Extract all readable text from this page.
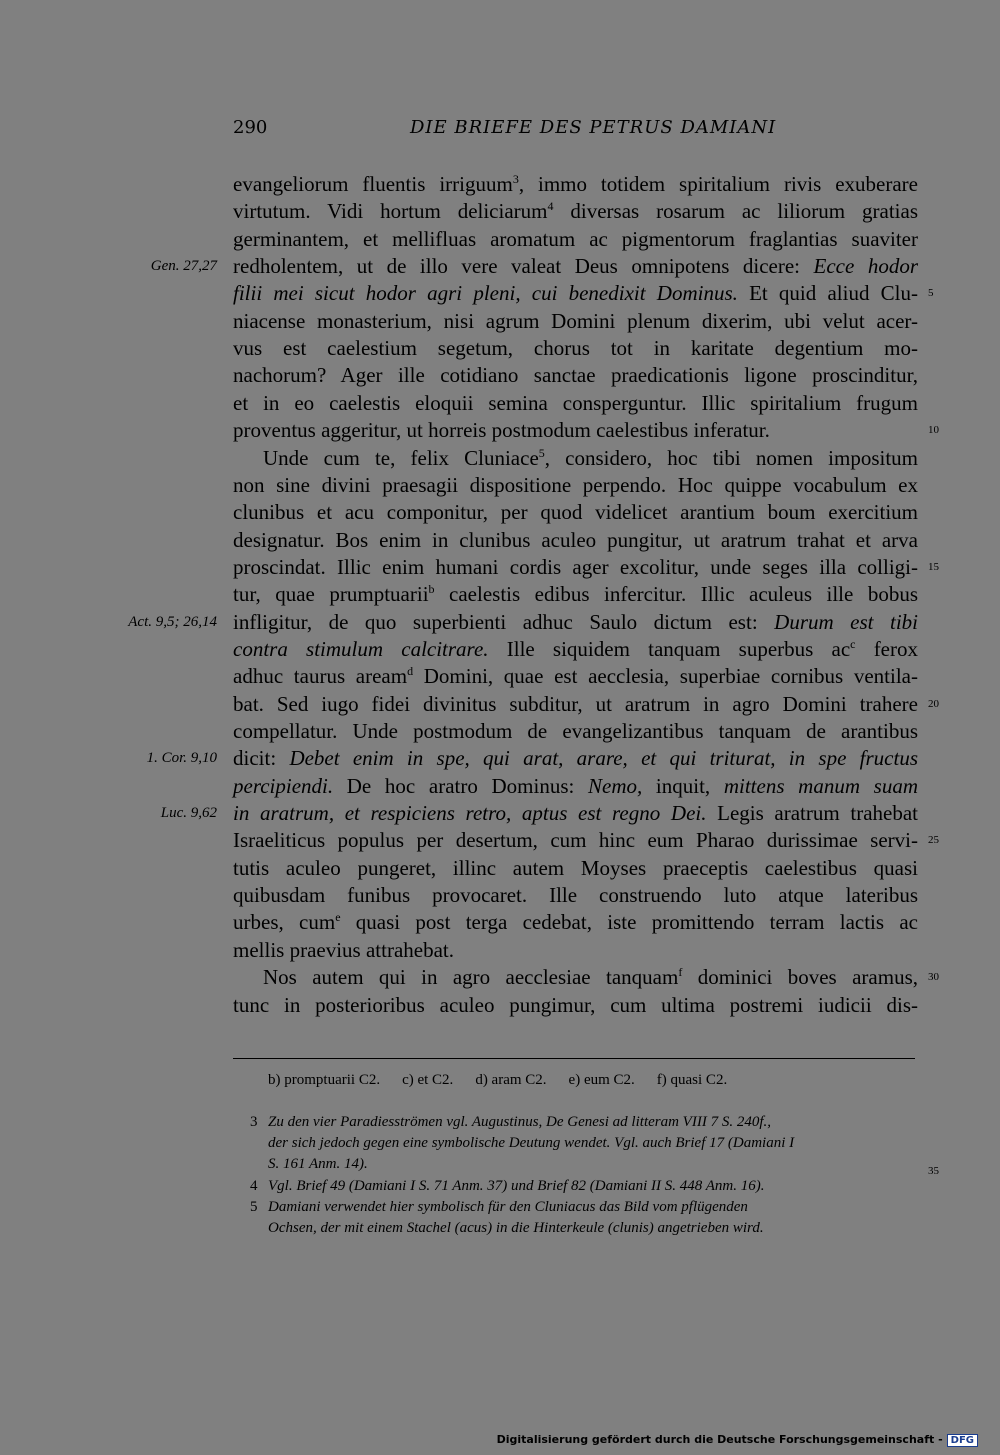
290	DIE BRIEFE DES PETRUS DAMIANI
evangeliorum fluentis irriguum$^3$, immo totidem spiritalium rivis exuberare
virtutum. Vidi hortum deliciarum$^4$ diversas rosarum ac liliorum gratias
germinantem, et mellifluas aromatum ac pigmentorum fraglantias suaviter
redholentem, ut de illo vere valeat Deus omnipotens dicere: Ecce hodor
filii mei sicut hodor agri pleni, cui benedixit Dominus. Et quid aliud Clu-
niacense monasterium, nisi agrum Domini plenum dixerim, ubi velut acer-
vus est caelestium segetum, chorus tot in karitate degentium mo-
nachorum? Ager ille cotidiano sanctae praedicationis ligone proscinditur,
et in eo caelestis eloquii semina consperguntur. Illic spiritalium frugum
proventus aggeritur, ut horreis postmodum caelestibus inferatur.
Unde cum te, felix Cluniace$^5$, considero, hoc tibi nomen impositum
non sine divini praesagii dispositione perpendo. Hoc quippe vocabulum ex
clunibus et acu componitur, per quod videlicet arantium boum exercitium
designatur. Bos enim in clunibus aculeo pungitur, ut aratrum trahat et arva
proscindat. Illic enim humani cordis ager excolitur, unde seges illa colligi-
tur, quae prumptuarii$^b$ caelestis edibus infercitur. Illic aculeus ille bobus
infligitur, de quo superbienti adhuc Saulo dictum est: Durum est tibi
contra stimulum calcitrare. Ille siquidem tanquam superbus $ac^c$ ferox
adhuc taurus aream$^d$ Domini, quae est aecclesia, superbiae cornibus ventila-
bat. Sed iugo fidei divinitus subditur, ut aratrum in agro Domini trahere
compellatur. Unde postmodum de evangelizantibus tanquam de arantibus
dicit: Debet enim in spe, qui arat, arare, et qui triturat, in spe fructus
percipiendi. De hoc aratro Dominus: Nemo, inquit, mittens manum suam
in aratrum, et respiciens retro, aptus est regno Dei. Legis aratrum trahebat
Israeliticus populus per desertum, cum hinc eum Pharao durissimae servi-
tutis aculeo pungeret, illinc autem Moyses praeceptis caelestibus quasi
quibusdam funibus provocaret. Ille construendo luto atque lateribus
urbes, cum$^e$ quasi post terga cedebat, iste promittendo terram lactis ac
mellis praevius attrahebat.
Nos autem qui in agro aecclesiae tanquam$^f$ dominici boves aramus,
tunc in posterioribus aculeo pungimur, cum ultima postremi iudicii dis-
Gen. 27,27
Act. 9,5; 26,14
1. Cor. 9,10
Luc. 9,62
5
10
15
20
25
30
b) promptuarii C2. c) et C2. d) aram C2. e) eum C2. f) quasi C2.
3 Zu den vier Paradiesströmen vgl. Augustinus, De Genesi ad litteram VIII 7 S. 240f.,
der sich jedoch gegen eine symbolische Deutung wendet. Vgl. auch Brief 17 (Damiani I
S. 161 Anm. 14).
4 Vgl. Brief 49 (Damiani I S. 71 Anm. 37) und Brief 82 (Damiani II S. 448 Anm. 16).
5 Damiani verwendet hier symbolisch für den Cluniacus das Bild vom pflügenden
Ochsen, der mit einem Stachel (acus) in die Hinterkeule (clunis) angetrieben wird.
35
Digitalisierung gefördert durch die Deutsche Forschungsgemeinschaft - DFG
